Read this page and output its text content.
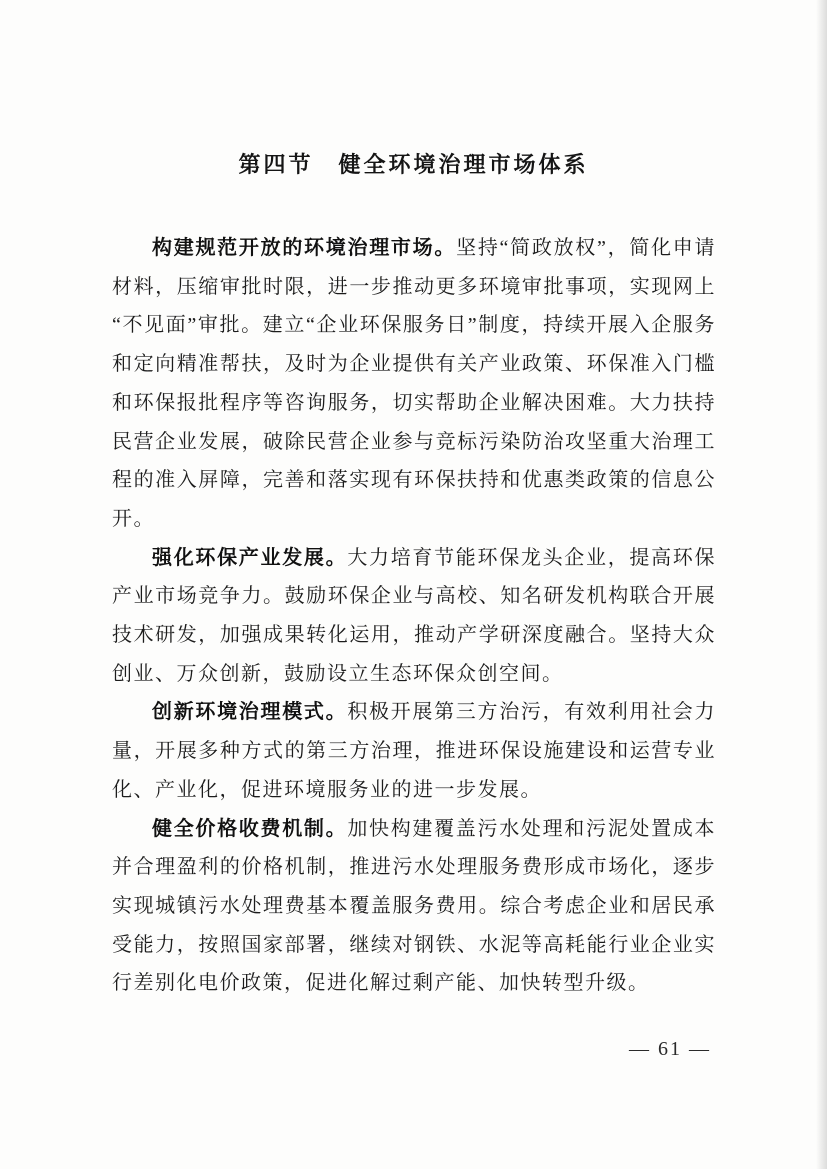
第四节　健全环境治理市场体系

构建规范开放的环境治理市场。坚持“简政放权”，简化申请材料，压缩审批时限，进一步推动更多环境审批事项，实现网上“不见面”审批。建立“企业环保服务日”制度，持续开展入企服务和定向精准帮扶，及时为企业提供有关产业政策、环保准入门槛和环保报批程序等咨询服务，切实帮助企业解决困难。大力扶持民营企业发展，破除民营企业参与竞标污染防治攻坚重大治理工程的准入屏障，完善和落实现有环保扶持和优惠类政策的信息公开。

强化环保产业发展。大力培育节能环保龙头企业，提高环保产业市场竞争力。鼓励环保企业与高校、知名研发机构联合开展技术研发，加强成果转化运用，推动产学研深度融合。坚持大众创业、万众创新，鼓励设立生态环保众创空间。

创新环境治理模式。积极开展第三方治污，有效利用社会力量，开展多种方式的第三方治理，推进环保设施建设和运营专业化、产业化，促进环境服务业的进一步发展。

健全价格收费机制。加快构建覆盖污水处理和污泥处置成本并合理盈利的价格机制，推进污水处理服务费形成市场化，逐步实现城镇污水处理费基本覆盖服务费用。综合考虑企业和居民承受能力，按照国家部署，继续对钢铁、水泥等高耗能行业企业实行差别化电价政策，促进化解过剩产能、加快转型升级。

— 61 —
